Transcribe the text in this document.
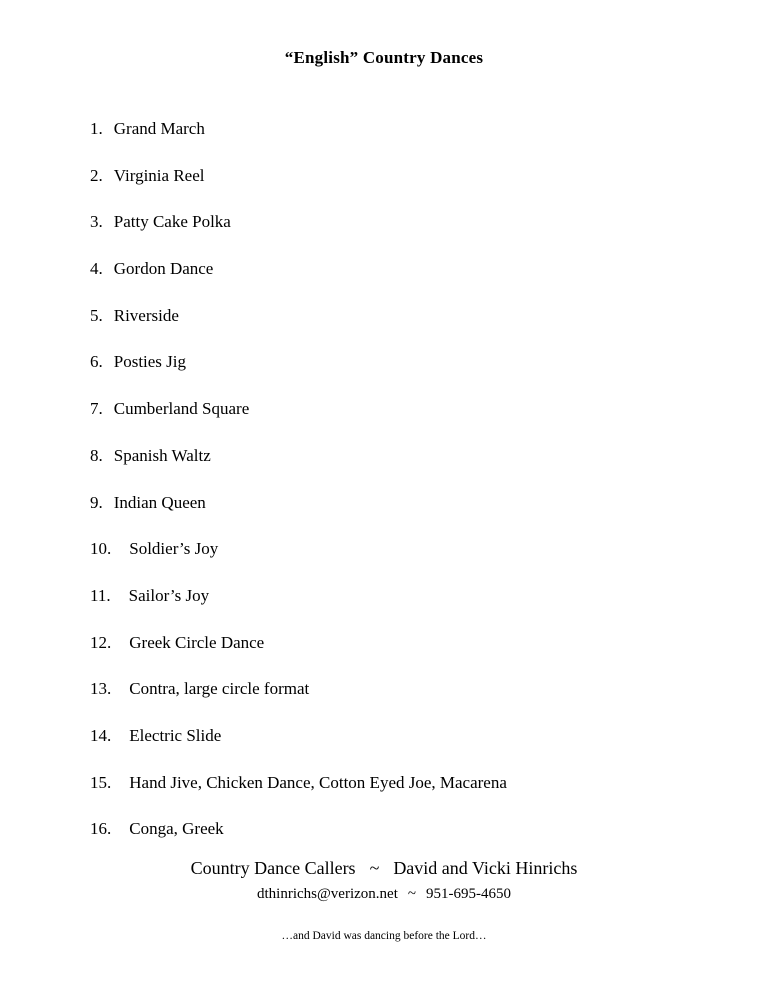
“English” Country Dances
1. Grand March
2. Virginia Reel
3. Patty Cake Polka
4. Gordon Dance
5. Riverside
6. Posties Jig
7. Cumberland Square
8. Spanish Waltz
9. Indian Queen
10. Soldier’s Joy
11. Sailor’s Joy
12. Greek Circle Dance
13. Contra, large circle format
14. Electric Slide
15. Hand Jive, Chicken Dance, Cotton Eyed Joe, Macarena
16. Conga, Greek
Country Dance Callers ~ David and Vicki Hinrichs
dthinrichs@verizon.net ~ 951-695-4650
…and David was dancing before the Lord…
